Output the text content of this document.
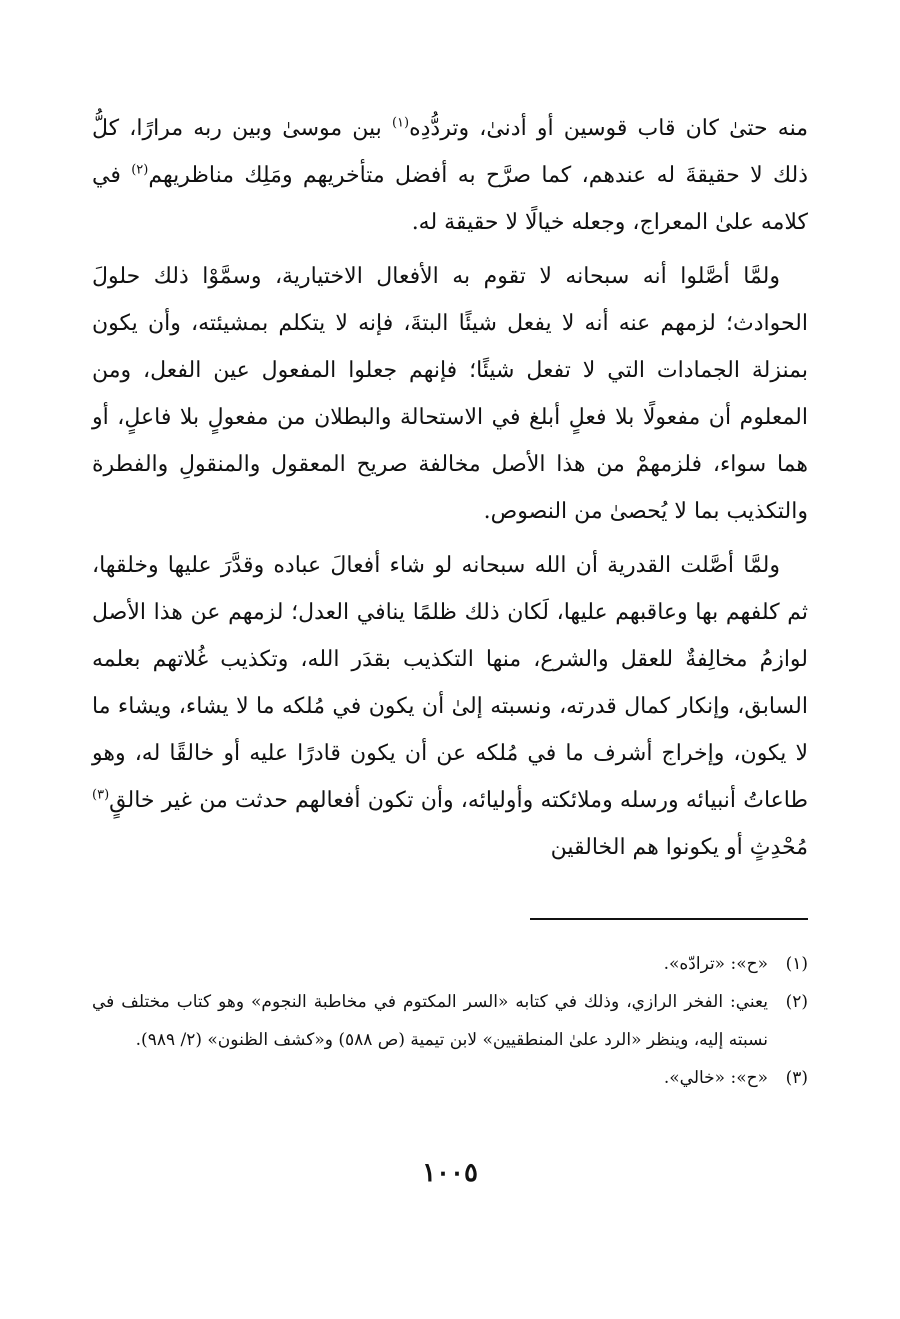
منه حتىٰ كان قاب قوسين أو أدنىٰ، وتردُّدِه$^{(١)}$ بين موسىٰ وبين ربه مرارًا، كلُّ ذلك لا حقيقةَ له عندهم، كما صرَّح به أفضل متأخريهم ومَلِك مناظريهم$^{(٢)}$ في كلامه علىٰ المعراج، وجعله خيالًا لا حقيقة له.

ولمَّا أصَّلوا أنه سبحانه لا تقوم به الأفعال الاختيارية، وسمَّوْا ذلك حلولَ الحوادث؛ لزمهم عنه أنه لا يفعل شيئًا البتةَ، فإنه لا يتكلم بمشيئته، وأن يكون بمنزلة الجمادات التي لا تفعل شيئًا؛ فإنهم جعلوا المفعول عين الفعل، ومن المعلوم أن مفعولًا بلا فعلٍ أبلغ في الاستحالة والبطلان من مفعولٍ بلا فاعلٍ، أو هما سواء، فلزمهمْ من هذا الأصل مخالفة صريح المعقول والمنقولِ والفطرة والتكذيب بما لا يُحصىٰ من النصوص.

ولمَّا أصَّلت القدرية أن الله سبحانه لو شاء أفعالَ عباده وقدَّرَ عليها وخلقها، ثم كلفهم بها وعاقبهم عليها، لَكان ذلك ظلمًا ينافي العدل؛ لزمهم عن هذا الأصل لوازمُ مخالِفةٌ للعقل والشرع، منها التكذيب بقدَر الله، وتكذيب غُلاتهم بعلمه السابق، وإنكار كمال قدرته، ونسبته إلىٰ أن يكون في مُلكه ما لا يشاء، ويشاء ما لا يكون، وإخراج أشرف ما في مُلكه عن أن يكون قادرًا عليه أو خالقًا له، وهو طاعاتُ أنبيائه ورسله وملائكته وأوليائه، وأن تكون أفعالهم حدثت من غير خالقٍ$^{(٣)}$ مُحْدِثٍ أو يكونوا هم الخالقين

(١)
«ح»: «ترادّه».
(٢)
يعني: الفخر الرازي، وذلك في كتابه «السر المكتوم في مخاطبة النجوم» وهو كتاب مختلف في نسبته إليه، وينظر «الرد علىٰ المنطقيين» لابن تيمية (ص ٥٨٨) و«كشف الظنون» (٢/ ٩٨٩).
(٣)
«ح»: «خالي».
١٠٠٥
